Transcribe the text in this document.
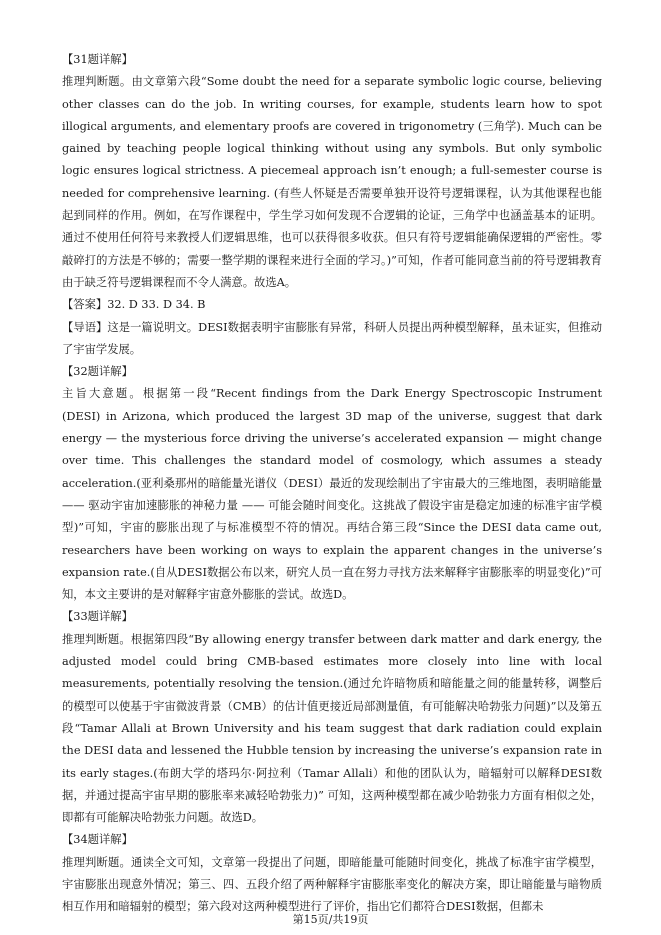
【31题详解】

推理判断题。由文章第六段“Some doubt the need for a separate symbolic logic course, believing other classes can do the job. In writing courses, for example, students learn how to spot illogical arguments, and elementary proofs are covered in trigonometry (三角学). Much can be gained by teaching people logical thinking without using any symbols. But only symbolic logic ensures logical strictness. A piecemeal approach isn’t enough; a full-semester course is needed for comprehensive learning. (有些人怀疑是否需要单独开设符号逻辑课程，认为其他课程也能起到同样的作用。例如，在写作课程中，学生学习如何发现不合逻辑的论证，三角学中也涵盖基本的证明。通过不使用任何符号来教授人们逻辑思维，也可以获得很多收获。但只有符号逻辑能确保逻辑的严密性。零敲碎打的方法是不够的；需要一整学期的课程来进行全面的学习。)”可知，作者可能同意当前的符号逻辑教育由于缺乏符号逻辑课程而不令人满意。故选A。

【答案】32. D 33. D 34. B

【导语】这是一篇说明文。DESI数据表明宇宙膨胀有异常，科研人员提出两种模型解释，虽未证实，但推动了宇宙学发展。

【32题详解】

主旨大意题。根据第一段“Recent findings from the Dark Energy Spectroscopic Instrument (DESI) in Arizona, which produced the largest 3D map of the universe, suggest that dark energy — the mysterious force driving the universe’s accelerated expansion — might change over time. This challenges the standard model of cosmology, which assumes a steady acceleration.(亚利桑那州的暗能量光谱仪（DESI）最近的发现绘制出了宇宙最大的三维地图，表明暗能量 —— 驱动宇宙加速膨胀的神秘力量 —— 可能会随时间变化。这挑战了假设宇宙是稳定加速的标准宇宙学模型)”可知，宇宙的膨胀出现了与标准模型不符的情况。再结合第三段“Since the DESI data came out, researchers have been working on ways to explain the apparent changes in the universe’s expansion rate.(自从DESI数据公布以来，研究人员一直在努力寻找方法来解释宇宙膨胀率的明显变化)”可知，本文主要讲的是对解释宇宙意外膨胀的尝试。故选D。

【33题详解】

推理判断题。根据第四段“By allowing energy transfer between dark matter and dark energy, the adjusted model could bring CMB-based estimates more closely into line with local measurements, potentially resolving the tension.(通过允许暗物质和暗能量之间的能量转移，调整后的模型可以使基于宇宙微波背景（CMB）的估计值更接近局部测量值，有可能解决哈勃张力问题)”以及第五段“Tamar Allali at Brown University and his team suggest that dark radiation could explain the DESI data and lessened the Hubble tension by increasing the universe’s expansion rate in its early stages.(布朗大学的塔玛尔·阿拉利（Tamar Allali）和他的团队认为，暗辐射可以解释DESI数据，并通过提高宇宙早期的膨胀率来减轻哈勃张力)” 可知，这两种模型都在减少哈勃张力方面有相似之处，即都有可能解决哈勃张力问题。故选D。

【34题详解】

推理判断题。通读全文可知，文章第一段提出了问题，即暗能量可能随时间变化，挑战了标准宇宙学模型，宇宙膨胀出现意外情况；第三、四、五段介绍了两种解释宇宙膨胀率变化的解决方案，即让暗能量与暗物质相互作用和暗辐射的模型；第六段对这两种模型进行了评价，指出它们都符合DESI数据，但都未

第15页/共19页
